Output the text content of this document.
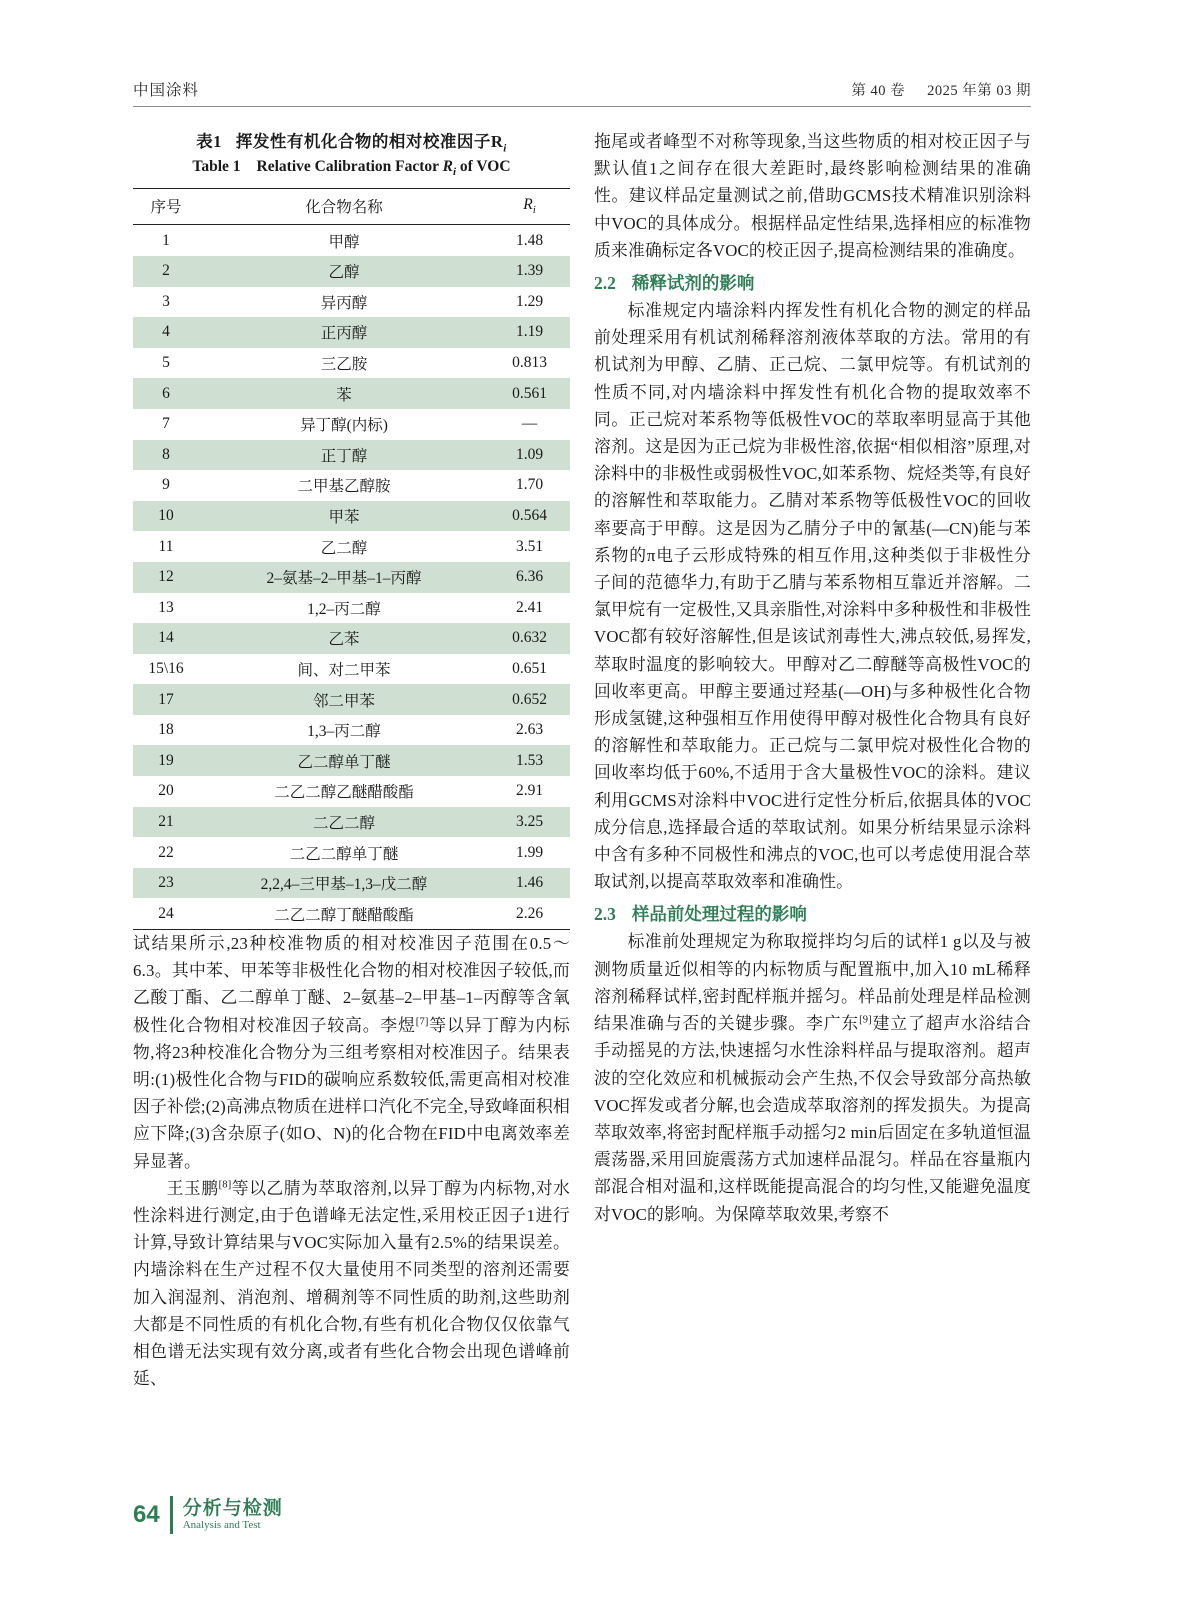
中国涂料	第 40 卷 2025 年第 03 期
表1 挥发性有机化合物的相对校准因子$R_i$
Table 1 Relative Calibration Factor $R_i$ of VOC
序号	化合物名称	$R_i$
1	甲醇	1.48
2	乙醇	1.39
3	异丙醇	1.29
4	正丙醇	1.19
5	三乙胺	0.813
6	苯	0.561
7	异丁醇(内标)	—
8	正丁醇	1.09
9	二甲基乙醇胺	1.70
10	甲苯	0.564
11	乙二醇	3.51
12	2–氨基–2–甲基–1–丙醇	6.36
13	1,2–丙二醇	2.41
14	乙苯	0.632
15\16	间、对二甲苯	0.651
17	邻二甲苯	0.652
18	1,3–丙二醇	2.63
19	乙二醇单丁醚	1.53
20	二乙二醇乙醚醋酸酯	2.91
21	二乙二醇	3.25
22	二乙二醇单丁醚	1.99
23	2,2,4–三甲基–1,3–戊二醇	1.46
24	二乙二醇丁醚醋酸酯	2.26

试结果所示,23种校准物质的相对校准因子范围在0.5～6.3。其中苯、甲苯等非极性化合物的相对校准因子较低,而乙酸丁酯、乙二醇单丁醚、2–氨基–2–甲基–1–丙醇等含氧极性化合物相对校准因子较高。李煜[7]等以异丁醇为内标物,将23种校准化合物分为三组考察相对校准因子。结果表明:(1)极性化合物与FID的碳响应系数较低,需更高相对校准因子补偿;(2)高沸点物质在进样口汽化不完全,导致峰面积相应下降;(3)含杂原子(如O、N)的化合物在FID中电离效率差异显著。

王玉鹏[8]等以乙腈为萃取溶剂,以异丁醇为内标物,对水性涂料进行测定,由于色谱峰无法定性,采用校正因子1进行计算,导致计算结果与VOC实际加入量有2.5%的结果误差。内墙涂料在生产过程不仅大量使用不同类型的溶剂还需要加入润湿剂、消泡剂、增稠剂等不同性质的助剂,这些助剂大都是不同性质的有机化合物,有些有机化合物仅仅依靠气相色谱无法实现有效分离,或者有些化合物会出现色谱峰前延、

拖尾或者峰型不对称等现象,当这些物质的相对校正因子与默认值1之间存在很大差距时,最终影响检测结果的准确性。建议样品定量测试之前,借助GCMS技术精准识别涂料中VOC的具体成分。根据样品定性结果,选择相应的标准物质来准确标定各VOC的校正因子,提高检测结果的准确度。

2.2 稀释试剂的影响

标准规定内墙涂料内挥发性有机化合物的测定的样品前处理采用有机试剂稀释溶剂液体萃取的方法。常用的有机试剂为甲醇、乙腈、正己烷、二氯甲烷等。有机试剂的性质不同,对内墙涂料中挥发性有机化合物的提取效率不同。正己烷对苯系物等低极性VOC的萃取率明显高于其他溶剂。这是因为正己烷为非极性溶,依据“相似相溶”原理,对涂料中的非极性或弱极性VOC,如苯系物、烷烃类等,有良好的溶解性和萃取能力。乙腈对苯系物等低极性VOC的回收率要高于甲醇。这是因为乙腈分子中的氰基(—CN)能与苯系物的π电子云形成特殊的相互作用,这种类似于非极性分子间的范德华力,有助于乙腈与苯系物相互靠近并溶解。二氯甲烷有一定极性,又具亲脂性,对涂料中多种极性和非极性VOC都有较好溶解性,但是该试剂毒性大,沸点较低,易挥发,萃取时温度的影响较大。甲醇对乙二醇醚等高极性VOC的回收率更高。甲醇主要通过羟基(—OH)与多种极性化合物形成氢键,这种强相互作用使得甲醇对极性化合物具有良好的溶解性和萃取能力。正己烷与二氯甲烷对极性化合物的回收率均低于60%,不适用于含大量极性VOC的涂料。建议利用GCMS对涂料中VOC进行定性分析后,依据具体的VOC成分信息,选择最合适的萃取试剂。如果分析结果显示涂料中含有多种不同极性和沸点的VOC,也可以考虑使用混合萃取试剂,以提高萃取效率和准确性。

2.3 样品前处理过程的影响

标准前处理规定为称取搅拌均匀后的试样1 g以及与被测物质量近似相等的内标物质与配置瓶中,加入10 mL稀释溶剂稀释试样,密封配样瓶并摇匀。样品前处理是样品检测结果准确与否的关键步骤。李广东[9]建立了超声水浴结合手动摇晃的方法,快速摇匀水性涂料样品与提取溶剂。超声波的空化效应和机械振动会产生热,不仅会导致部分高热敏VOC挥发或者分解,也会造成萃取溶剂的挥发损失。为提高萃取效率,将密封配样瓶手动摇匀2 min后固定在多轨道恒温震荡器,采用回旋震荡方式加速样品混匀。样品在容量瓶内部混合相对温和,这样既能提高混合的均匀性,又能避免温度对VOC的影响。为保障萃取效果,考察不

64 分析与检测
Analysis and Test
